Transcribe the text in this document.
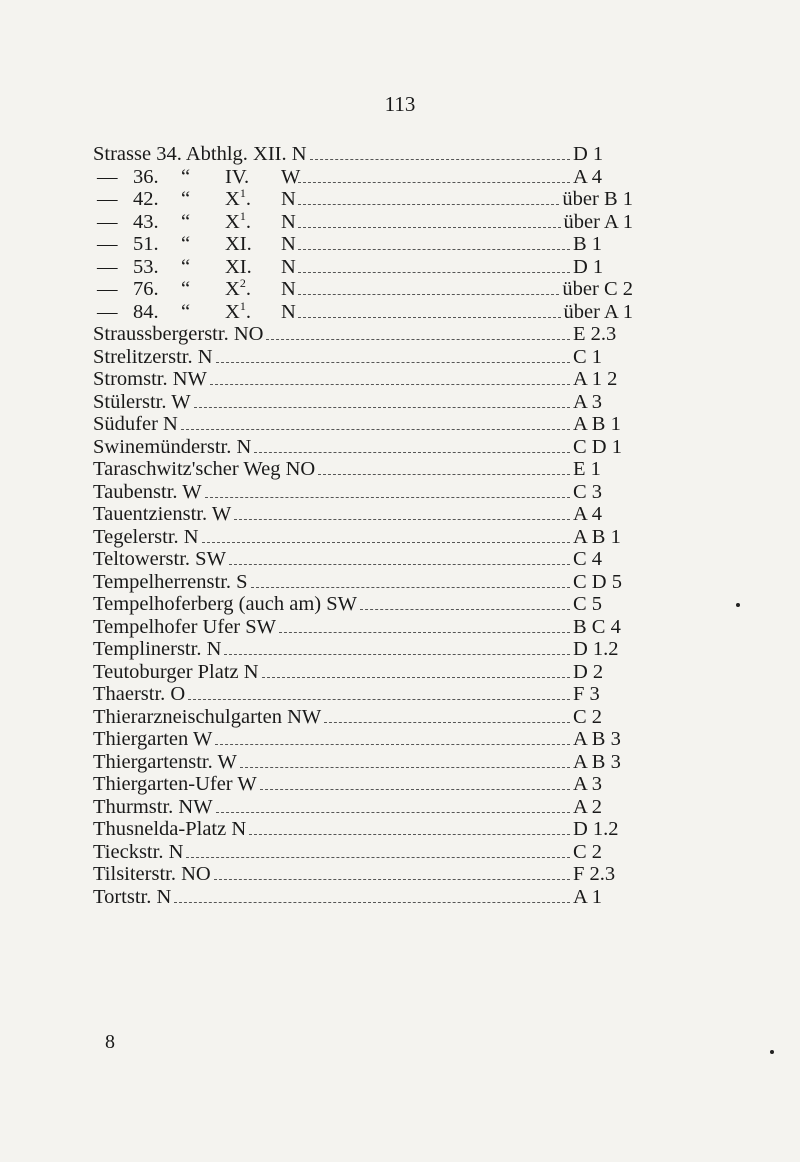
113
Strasse 34. Abthlg. XII. N	D 1
— 36.	“	IV.	W	A 4
— 42.	“	$X^1$.	N	über B 1
— 43.	“	$X^1$.	N	über A 1
— 51.	“	XI.	N	B 1
— 53.	“	XI.	N	D 1
— 76.	“	$X^2$.	N	über C 2
— 84.	“	$X^1$.	N	über A 1
Straussbergerstr. NO	E 2.3
Strelitzerstr. N	C 1
Stromstr. NW	A 1 2
Stülerstr. W	A 3
Südufer N	A B 1
Swinemünderstr. N	C D 1
Taraschwitz'scher Weg NO	E 1
Taubenstr. W	C 3
Tauentzienstr. W	A 4
Tegelerstr. N	A B 1
Teltowerstr. SW	C 4
Tempelherrenstr. S	C D 5
Tempelhoferberg (auch am) SW	C 5
Tempelhofer Ufer SW	B C 4
Templinerstr. N	D 1.2
Teutoburger Platz N	D 2
Thaerstr. O	F 3
Thierarzneischulgarten NW	C 2
Thiergarten W	A B 3
Thiergartenstr. W	A B 3
Thiergarten-Ufer W	A 3
Thurmstr. NW	A 2
Thusnelda-Platz N	D 1.2
Tieckstr. N	C 2
Tilsiterstr. NO	F 2.3
Tortstr. N	A 1
8
